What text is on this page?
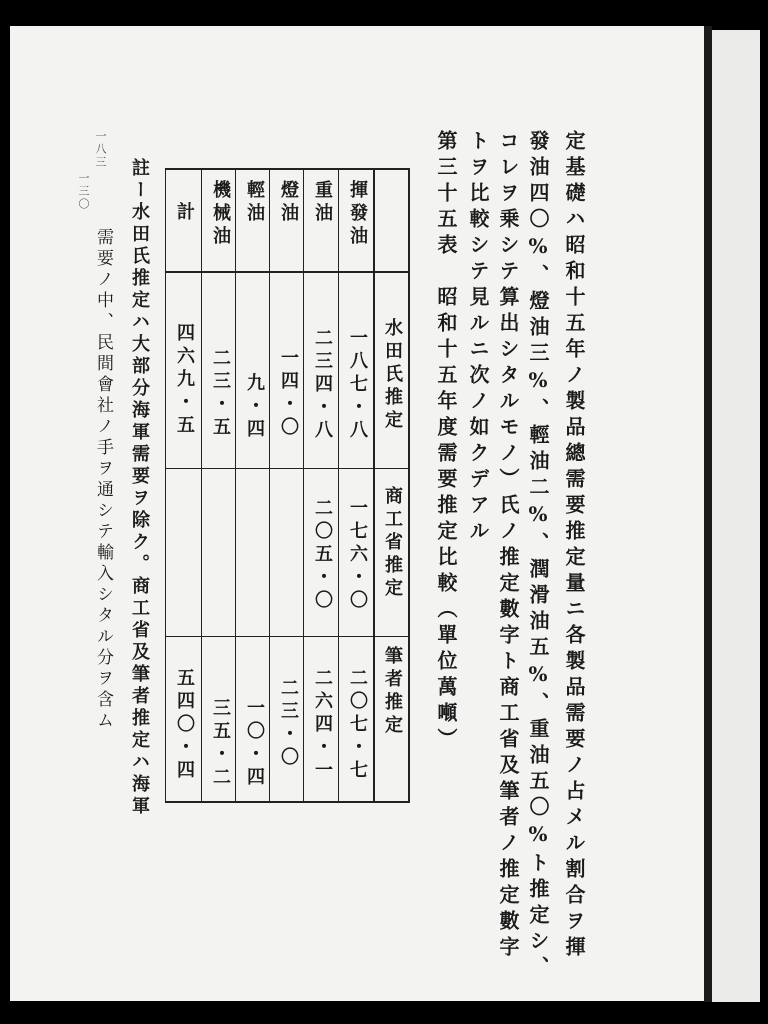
定基礎ハ昭和十五年ノ製品總需要推定量ニ各製品需要ノ占メル割合ヲ揮
發油四〇%、燈油三%、輕油二%、潤滑油五%、重油五〇%ト推定シ、
コレヲ乗シテ算出シタルモノ）氏ノ推定數字ト商工省及筆者ノ推定數字
トヲ比較シテ見ルニ次ノ如クデアル
第三十五表　昭和十五年度需要推定比較（單位萬噸）
水田氏推定
商工省推定
筆者推定
揮發油
一八七・八
一七六・〇
二〇七・七
重油
二三四・八
二〇五・〇
二六四・一
燈油
一四・〇
二三・〇
輕油
九・四
一〇・四
機械油
二三・五
三五・二
計
四六九・五
五四〇・四
註ー水田氏推定ハ大部分海軍需要ヲ除ク。商工省及筆者推定ハ海軍
需要ノ中、民間會社ノ手ヲ通シテ輸入シタル分ヲ含ム
一八三
一三〇
